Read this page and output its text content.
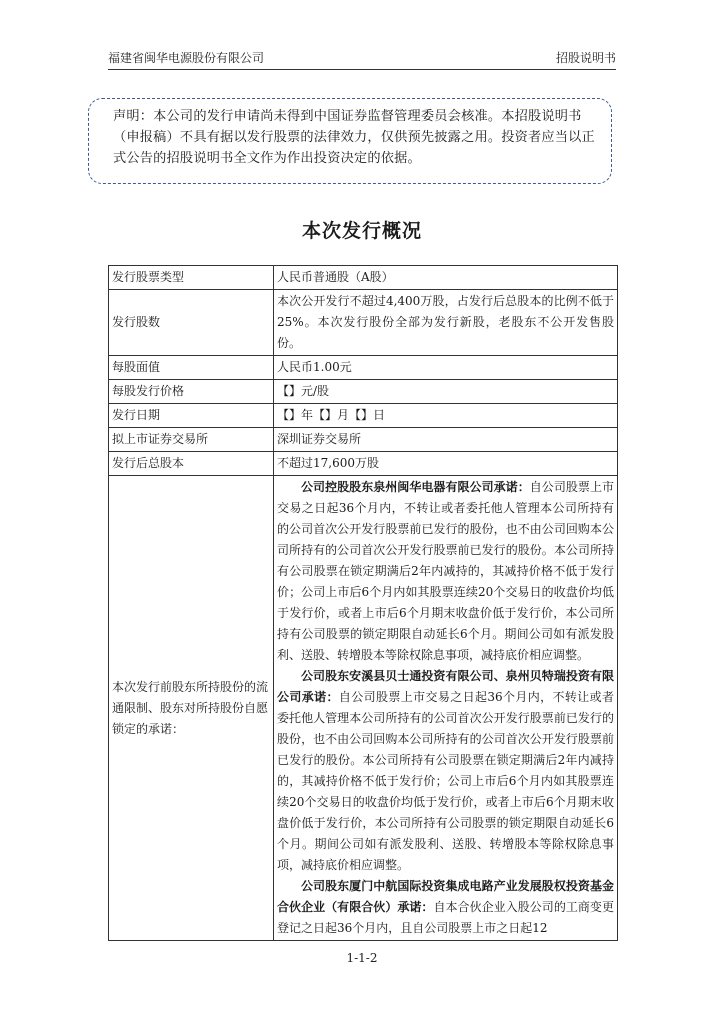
福建省闽华电源股份有限公司	招股说明书
声明：本公司的发行申请尚未得到中国证券监督管理委员会核准。本招股说明书（申报稿）不具有据以发行股票的法律效力，仅供预先披露之用。投资者应当以正式公告的招股说明书全文作为作出投资决定的依据。
本次发行概况
发行股票类型	人民币普通股（A股）
发行股数	本次公开发行不超过4,400万股，占发行后总股本的比例不低于25%。本次发行股份全部为发行新股，老股东不公开发售股份。
每股面值	人民币1.00元
每股发行价格	【】元/股
发行日期	【】年【】月【】日
拟上市证券交易所	深圳证券交易所
发行后总股本	不超过17,600万股
本次发行前股东所持股份的流通限制、股东对所持股份自愿锁定的承诺：	公司控股股东泉州闽华电器有限公司承诺：自公司股票上市交易之日起36个月内，不转让或者委托他人管理本公司所持有的公司首次公开发行股票前已发行的股份，也不由公司回购本公司所持有的公司首次公开发行股票前已发行的股份。本公司所持有公司股票在锁定期满后2年内减持的，其减持价格不低于发行价；公司上市后6个月内如其股票连续20个交易日的收盘价均低于发行价，或者上市后6个月期末收盘价低于发行价，本公司所持有公司股票的锁定期限自动延长6个月。期间公司如有派发股利、送股、转增股本等除权除息事项，减持底价相应调整。
公司股东安溪县贝士通投资有限公司、泉州贝特瑞投资有限公司承诺：自公司股票上市交易之日起36个月内，不转让或者委托他人管理本公司所持有的公司首次公开发行股票前已发行的股份，也不由公司回购本公司所持有的公司首次公开发行股票前已发行的股份。本公司所持有公司股票在锁定期满后2年内减持的，其减持价格不低于发行价；公司上市后6个月内如其股票连续20个交易日的收盘价均低于发行价，或者上市后6个月期末收盘价低于发行价，本公司所持有公司股票的锁定期限自动延长6个月。期间公司如有派发股利、送股、转增股本等除权除息事项，减持底价相应调整。
公司股东厦门中航国际投资集成电路产业发展股权投资基金合伙企业（有限合伙）承诺：自本合伙企业入股公司的工商变更登记之日起36个月内，且自公司股票上市之日起12
1-1-2
